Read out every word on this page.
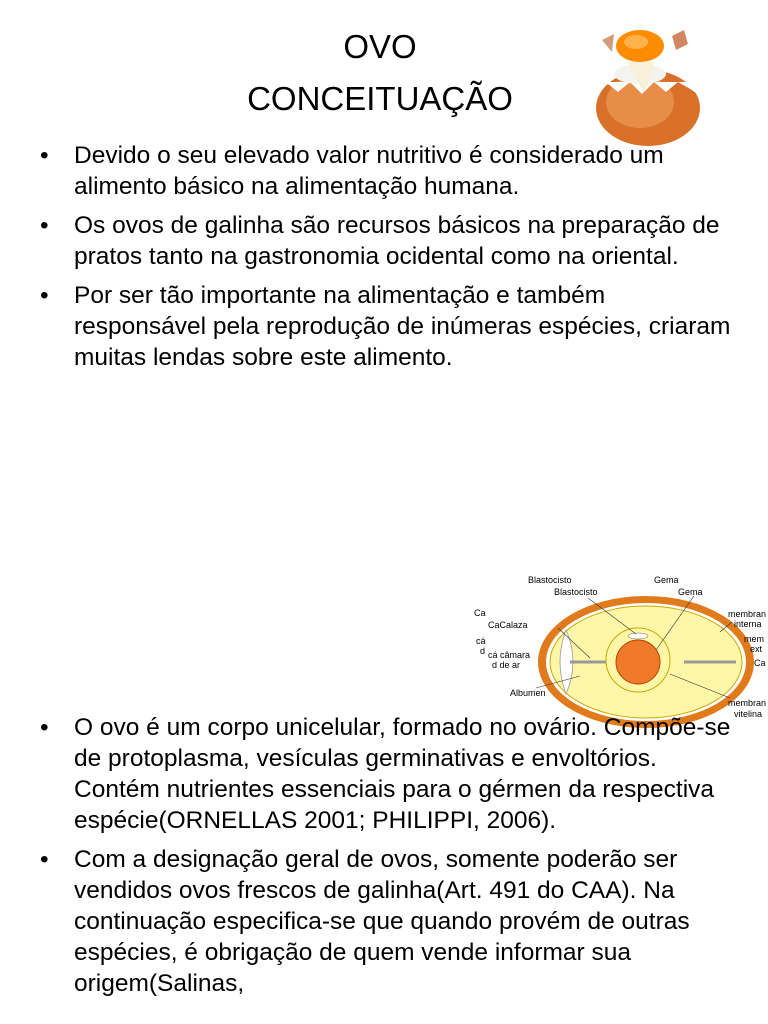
OVO
CONCEITUAÇÃO
• Devido o seu elevado valor nutritivo é considerado um alimento básico na alimentação humana.
• Os ovos de galinha são recursos básicos na preparação de pratos tanto na gastronomia ocidental como na oriental.
• Por ser tão importante na alimentação e também responsável pela reprodução de inúmeras espécies, criaram muitas lendas sobre este alimento.
Blastocisto
Blastocisto
Gema
Gema
Ca
CaCalaza
cá
d cá câmara
d de ar
Albumen
membran
interna
mem
ext
Ca
membran
vitelina
• O ovo é um corpo unicelular, formado no ovário. Compõe-se de protoplasma, vesículas germinativas e envoltórios. Contém nutrientes essenciais para o gérmen da respectiva espécie(ORNELLAS 2001; PHILIPPI, 2006).
• Com a designação geral de ovos, somente poderão ser vendidos ovos frescos de galinha(Art. 491 do CAA). Na continuação especifica-se que quando provém de outras espécies, é obrigação de quem vende informar sua origem(Salinas,
